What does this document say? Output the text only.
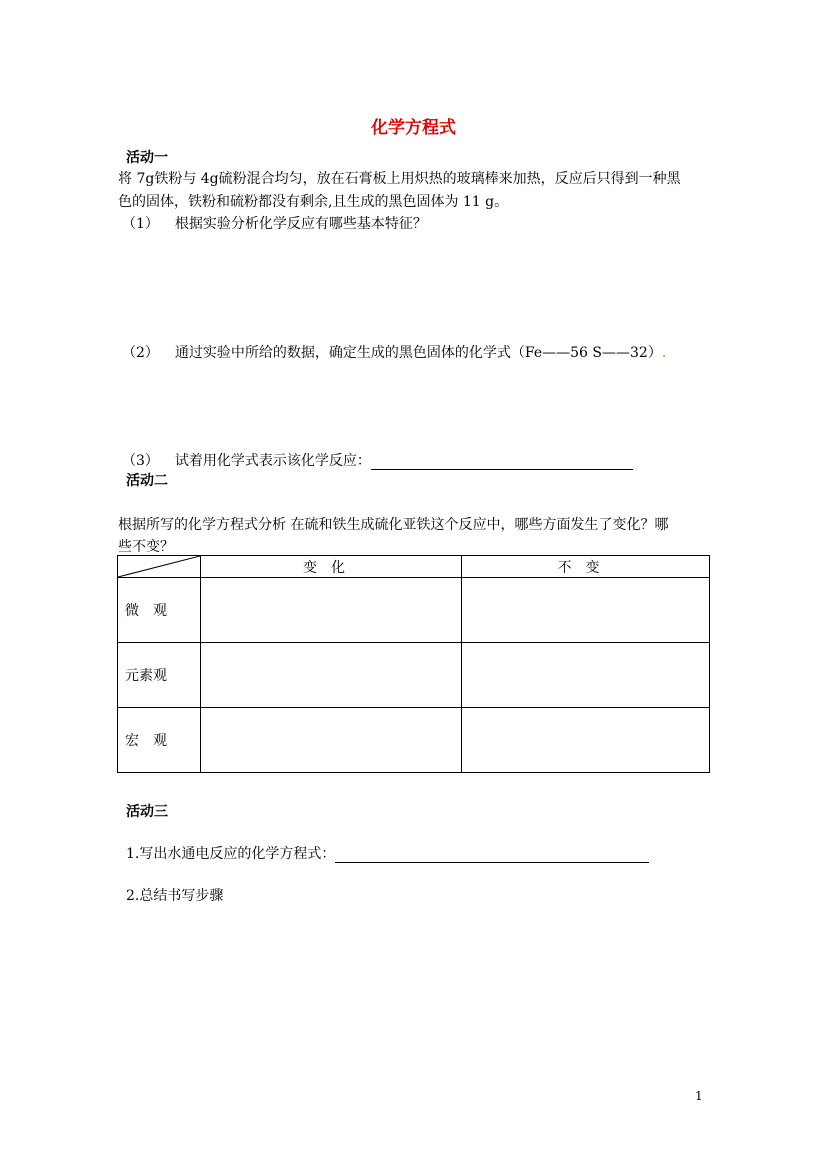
化学方程式
活动一
将 7g铁粉与 4g硫粉混合均匀，放在石膏板上用炽热的玻璃棒来加热，反应后只得到一种黑
色的固体，铁粉和硫粉都没有剩余,且生成的黑色固体为 11 g。
（1） 根据实验分析化学反应有哪些基本特征？
（2） 通过实验中所给的数据，确定生成的黑色固体的化学式（Fe——56 S——32）.
（3） 试着用化学式表示该化学反应：
活动二
根据所写的化学方程式分析 在硫和铁生成硫化亚铁这个反应中，哪些方面发生了变化？哪
些不变？
	变化	不变
微　观		
元素观		
宏　观		
活动三
1.写出水通电反应的化学方程式：
2.总结书写步骤
1
